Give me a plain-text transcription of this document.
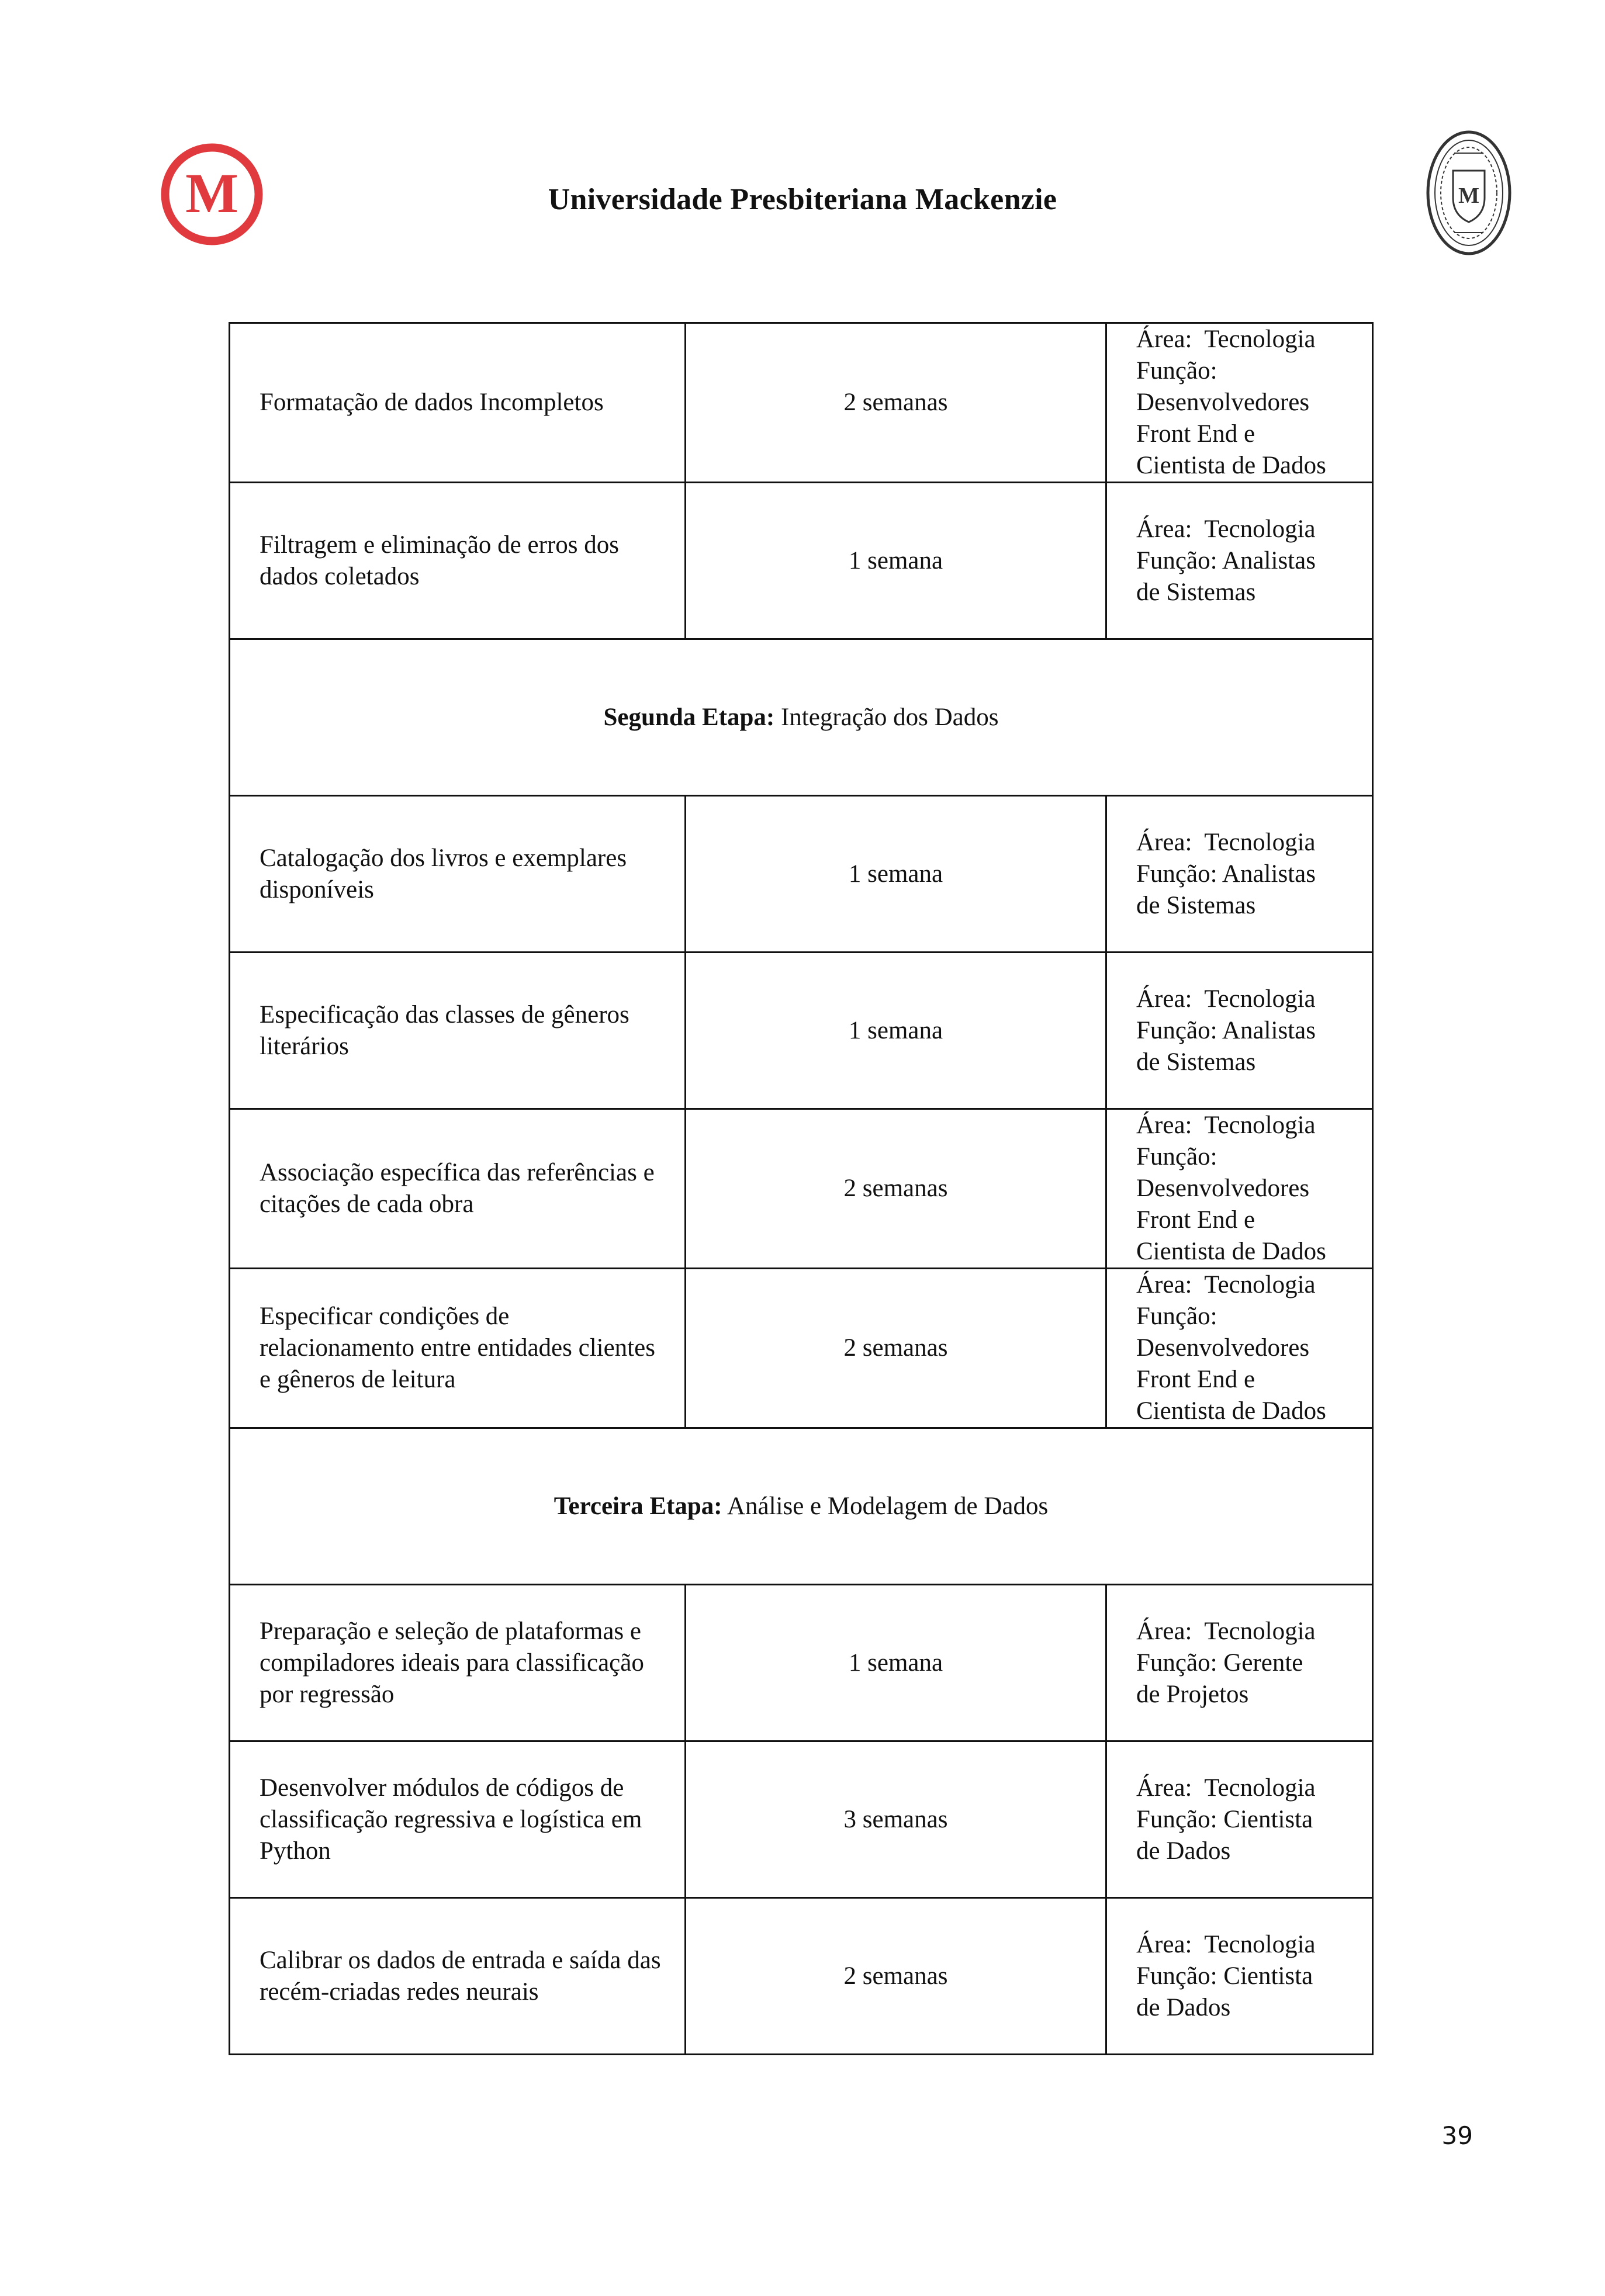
M	Universidade Presbiteriana Mackenzie	M
Formatação de dados Incompletos	2 semanas	Área:  Tecnologia
Função:
Desenvolvedores
Front End e
Cientista de Dados

Filtragem e eliminação de erros dos dados coletados	1 semana	Área:  Tecnologia
Função: Analistas
de Sistemas

Segunda Etapa: Integração dos Dados		
Catalogação dos livros e exemplares disponíveis	1 semana	Área:  Tecnologia
Função: Analistas
de Sistemas

Especificação das classes de gêneros literários	1 semana	Área:  Tecnologia
Função: Analistas
de Sistemas

Associação específica das referências e citações de cada obra	2 semanas	Área:  Tecnologia
Função:
Desenvolvedores
Front End e
Cientista de Dados

Especificar condições de relacionamento entre entidades clientes e gêneros de leitura	2 semanas	Área:  Tecnologia
Função:
Desenvolvedores
Front End e
Cientista de Dados

Terceira Etapa: Análise e Modelagem de Dados		
Preparação e seleção de plataformas e compiladores ideais para classificação por regressão	1 semana	Área:  Tecnologia
Função: Gerente
de Projetos

Desenvolver módulos de códigos de classificação regressiva e logística em Python	3 semanas	Área:  Tecnologia
Função: Cientista
de Dados

Calibrar os dados de entrada e saída das recém-criadas redes neurais	2 semanas	Área:  Tecnologia
Função: Cientista
de Dados
39
